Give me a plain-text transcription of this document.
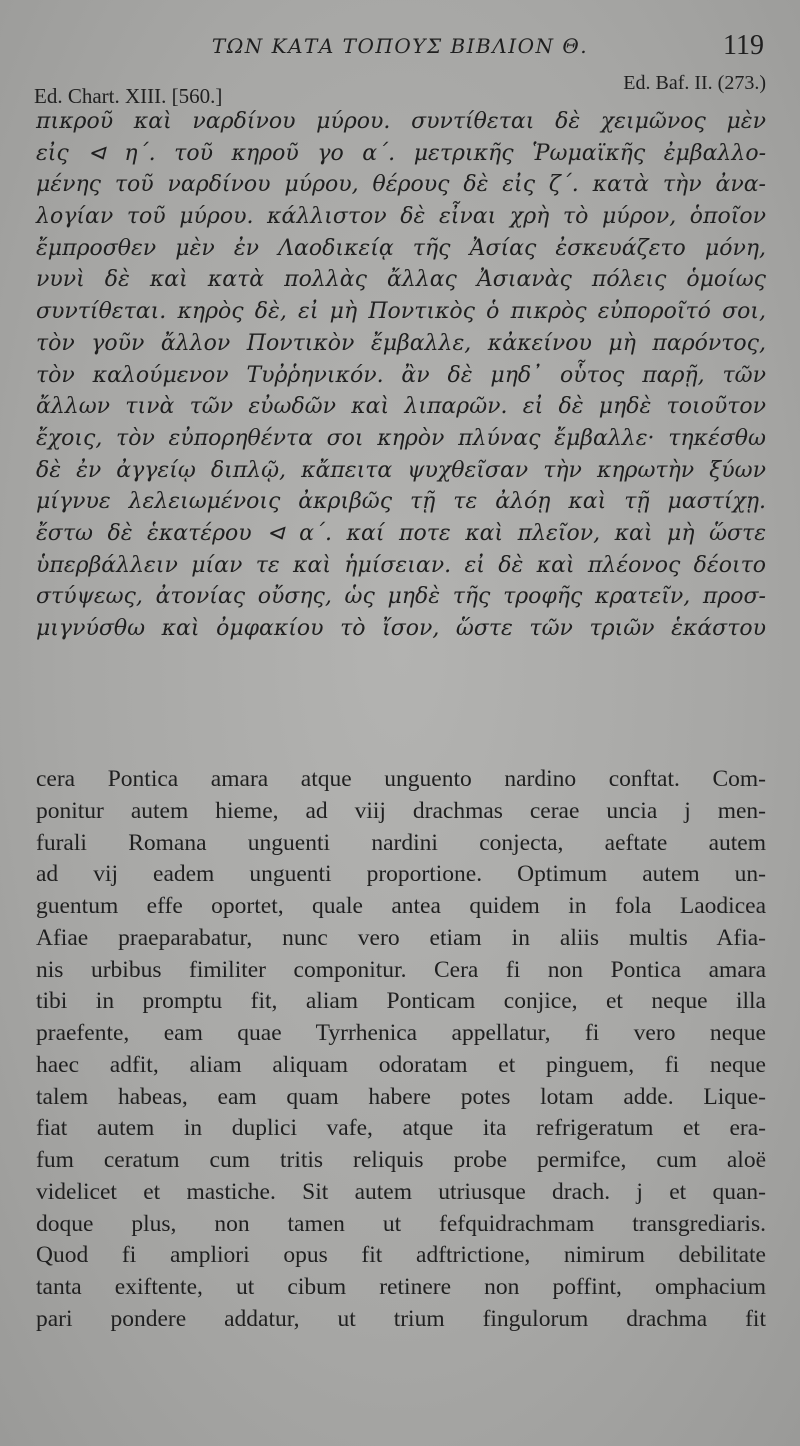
ΤΩΝ ΚΑΤΑ ΤΟΠΟΥΣ ΒΙΒΛΙΟΝ Θ.	119
Ed. Chart. XIII. [560.]
Ed. Baf. II. (273.)
πικροῦ καὶ ναρδίνου μύρου. συντίθεται δὲ χειμῶνος μὲν
εἰς ⊲ η΄. τοῦ κηροῦ γο α΄. μετρικῆς Ῥωμαϊκῆς ἐμβαλλο-
μένης τοῦ ναρδίνου μύρου, θέρους δὲ εἰς ζ΄. κατὰ τὴν ἀνα-
λογίαν τοῦ μύρου. κάλλιστον δὲ εἶναι χρὴ τὸ μύρον, ὁποῖον
ἔμπροσθεν μὲν ἐν Λαοδικείᾳ τῆς Ἀσίας ἐσκευάζετο μόνη,
νυνὶ δὲ καὶ κατὰ πολλὰς ἄλλας Ἀσιανὰς πόλεις ὁμοίως
συντίθεται. κηρὸς δὲ, εἰ μὴ Ποντικὸς ὁ πικρὸς εὐποροῖτό σοι,
τὸν γοῦν ἄλλον Ποντικὸν ἔμβαλλε, κἀκείνου μὴ παρόντος,
τὸν καλούμενον Τυῤῥηνικόν. ἂν δὲ μηδ᾽ οὗτος παρῇ, τῶν
ἄλλων τινὰ τῶν εὐωδῶν καὶ λιπαρῶν. εἰ δὲ μηδὲ τοιοῦτον
ἔχοις, τὸν εὐπορηθέντα σοι κηρὸν πλύνας ἔμβαλλε· τηκέσθω
δὲ ἐν ἀγγείῳ διπλῷ, κἄπειτα ψυχθεῖσαν τὴν κηρωτὴν ξύων
μίγνυε λελειωμένοις ἀκριβῶς τῇ τε ἀλόῃ καὶ τῇ μαστίχῃ.
ἔστω δὲ ἑκατέρου ⊲ α΄. καί ποτε καὶ πλεῖον, καὶ μὴ ὥστε
ὑπερβάλλειν μίαν τε καὶ ἡμίσειαν. εἰ δὲ καὶ πλέονος δέοιτο
στύψεως, ἀτονίας οὔσης, ὡς μηδὲ τῆς τροφῆς κρατεῖν, προσ-
μιγνύσθω καὶ ὀμφακίου τὸ ἴσον, ὥστε τῶν τριῶν ἑκάστου
cera Pontica amara atque unguento nardino conftat. Com-
ponitur autem hieme, ad viij drachmas cerae uncia j men-
furali Romana unguenti nardini conjecta, aeftate autem
ad vij eadem unguenti proportione. Optimum autem un-
guentum effe oportet, quale antea quidem in fola Laodicea
Afiae praeparabatur, nunc vero etiam in aliis multis Afia-
nis urbibus fimiliter componitur. Cera fi non Pontica amara
tibi in promptu fit, aliam Ponticam conjice, et neque illa
praefente, eam quae Tyrrhenica appellatur, fi vero neque
haec adfit, aliam aliquam odoratam et pinguem, fi neque
talem habeas, eam quam habere potes lotam adde. Lique-
fiat autem in duplici vafe, atque ita refrigeratum et era-
fum ceratum cum tritis reliquis probe permifce, cum aloë
videlicet et mastiche. Sit autem utriusque drach. j et quan-
doque plus, non tamen ut fefquidrachmam transgrediaris.
Quod fi ampliori opus fit adftrictione, nimirum debilitate
tanta exiftente, ut cibum retinere non poffint, omphacium
pari pondere addatur, ut trium fingulorum drachma fit
